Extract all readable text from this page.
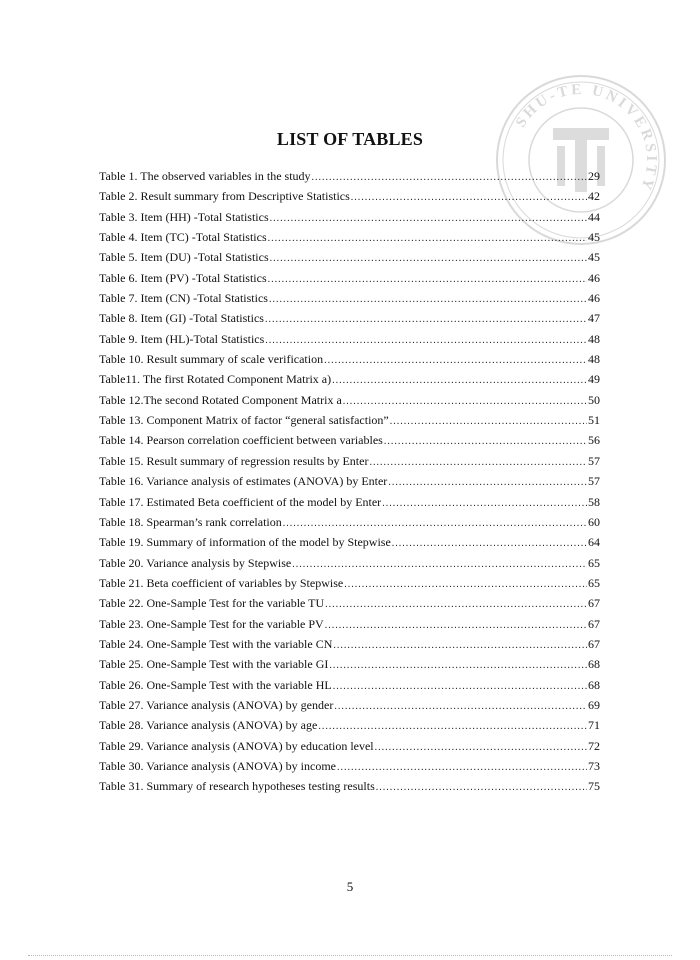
SHU-TE UNIVERSITY
LIST OF TABLES
Table 1. The observed variables in the study .....	29
Table 2. Result summary from Descriptive Statistics .....	42
Table 3. Item (HH) -Total Statistics .....	44
Table 4. Item (TC) -Total Statistics .....	45
Table 5. Item (DU) -Total Statistics .....	45
Table 6. Item (PV) -Total Statistics .....	46
Table 7. Item (CN) -Total Statistics .....	46
Table 8. Item (GI) -Total Statistics .....	47
Table 9. Item (HL)-Total Statistics .....	48
Table 10. Result summary of scale verification .....	48
Table11. The first Rotated Component Matrix a) .....	49
Table 12.The second Rotated Component Matrix a .....	50
Table 13. Component Matrix of factor “general satisfaction” .....	51
Table 14. Pearson correlation coefficient between variables .....	56
Table 15. Result summary of regression results by Enter .....	57
Table 16. Variance analysis of estimates (ANOVA) by Enter .....	57
Table 17. Estimated Beta coefficient of the model by Enter .....	58
Table 18. Spearman’s rank correlation .....	60
Table 19. Summary of information of the model by Stepwise .....	64
Table 20. Variance analysis by Stepwise .....	65
Table 21. Beta coefficient of variables by Stepwise .....	65
Table 22. One-Sample Test for the variable TU .....	67
Table 23. One-Sample Test for the variable PV .....	67
Table 24. One-Sample Test with the variable CN .....	67
Table 25. One-Sample Test with the variable GI .....	68
Table 26. One-Sample Test with the variable HL .....	68
Table 27. Variance analysis (ANOVA) by gender .....	69
Table 28. Variance analysis (ANOVA) by age .....	71
Table 29. Variance analysis (ANOVA) by education level .....	72
Table 30. Variance analysis (ANOVA) by income .....	73
Table 31. Summary of research hypotheses testing results .....	75
5
